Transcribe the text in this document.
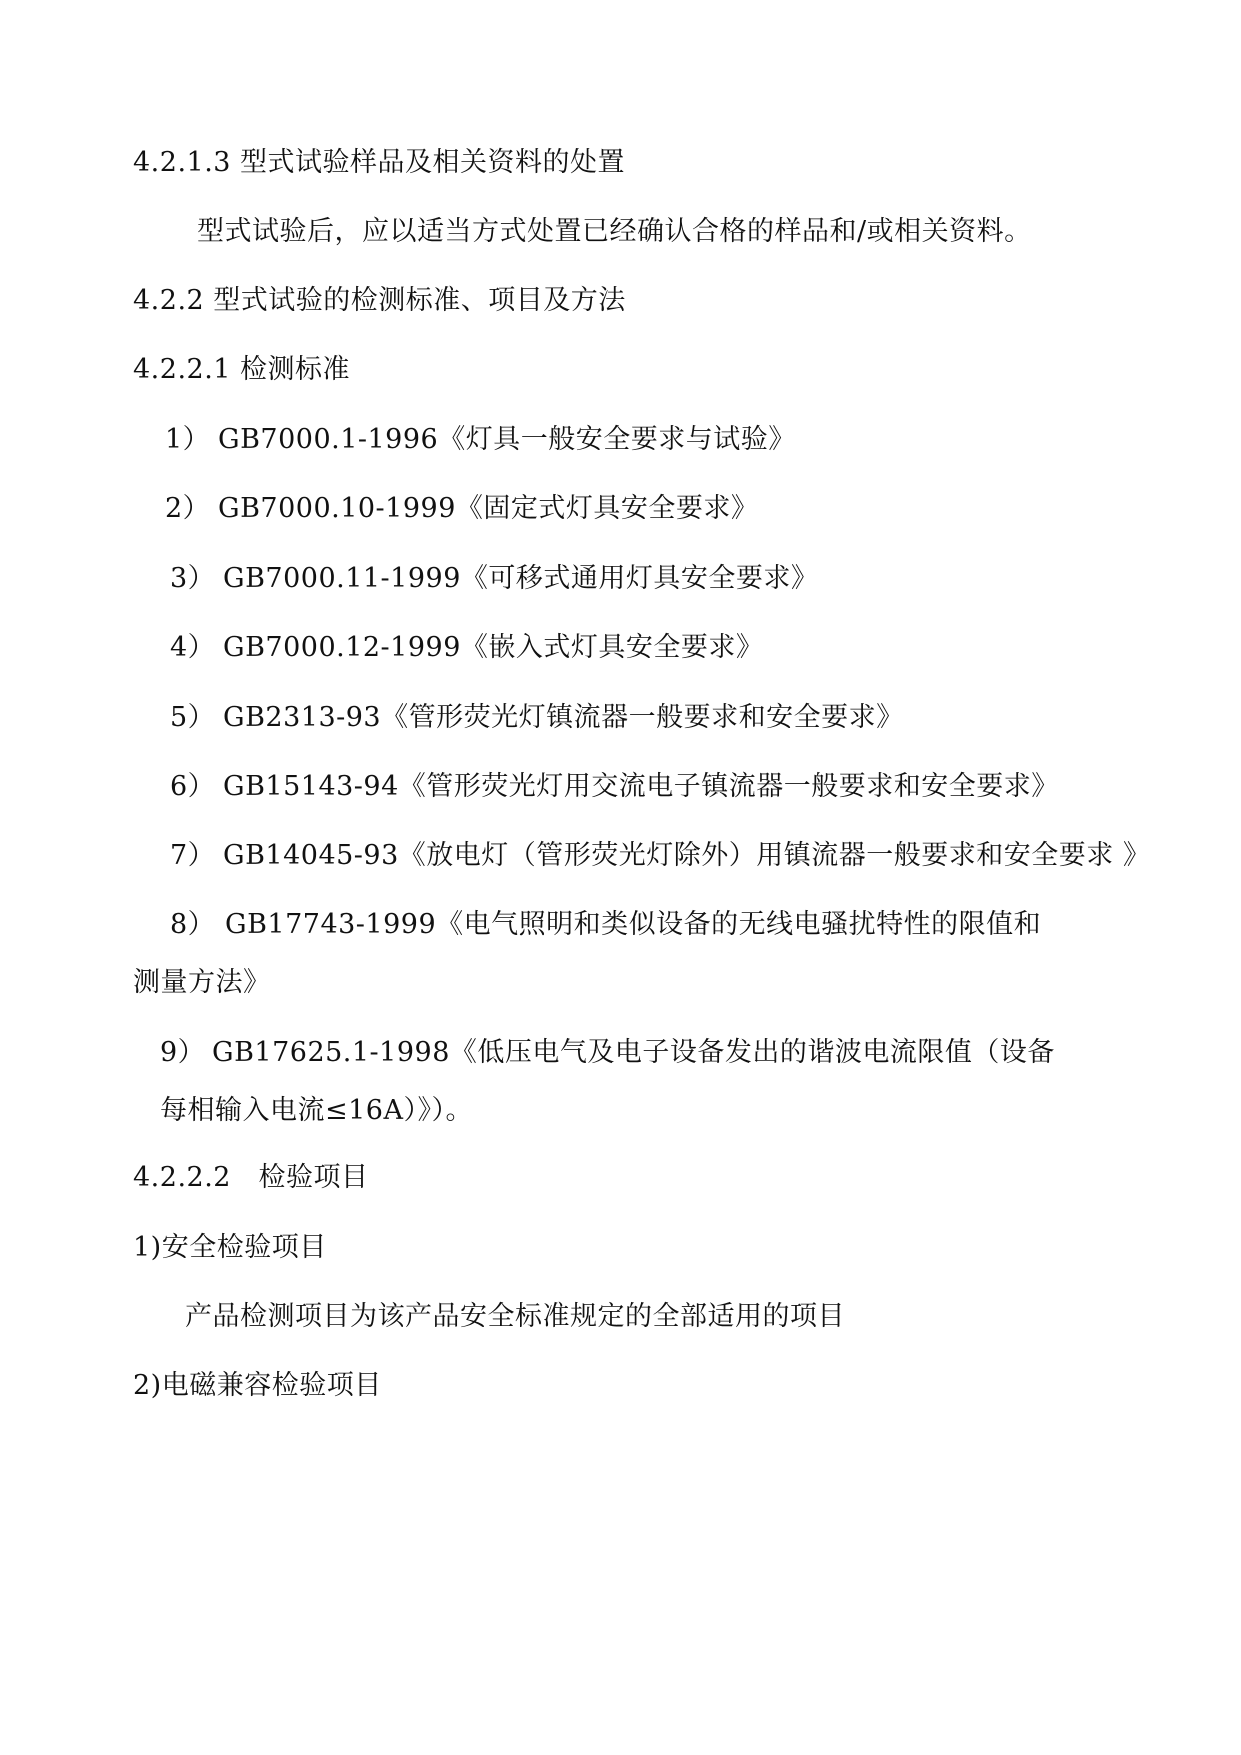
4.2.1.3 型式试验样品及相关资料的处置
型式试验后，应以适当方式处置已经确认合格的样品和/或相关资料。
4.2.2 型式试验的检测标准、项目及方法
4.2.2.1 检测标准
1） GB7000.1-1996《灯具一般安全要求与试验》
2） GB7000.10-1999《固定式灯具安全要求》
3） GB7000.11-1999《可移式通用灯具安全要求》
4） GB7000.12-1999《嵌入式灯具安全要求》
5） GB2313-93《管形荧光灯镇流器一般要求和安全要求》
6） GB15143-94《管形荧光灯用交流电子镇流器一般要求和安全要求》
7） GB14045-93《放电灯（管形荧光灯除外）用镇流器一般要求和安全要求 》
8） GB17743-1999《电气照明和类似设备的无线电骚扰特性的限值和
测量方法》
9） GB17625.1-1998《低压电气及电子设备发出的谐波电流限值（设备
每相输入电流≤16A）》）。
4.2.2.2　检验项目
1)安全检验项目
产品检测项目为该产品安全标准规定的全部适用的项目
2)电磁兼容检验项目
